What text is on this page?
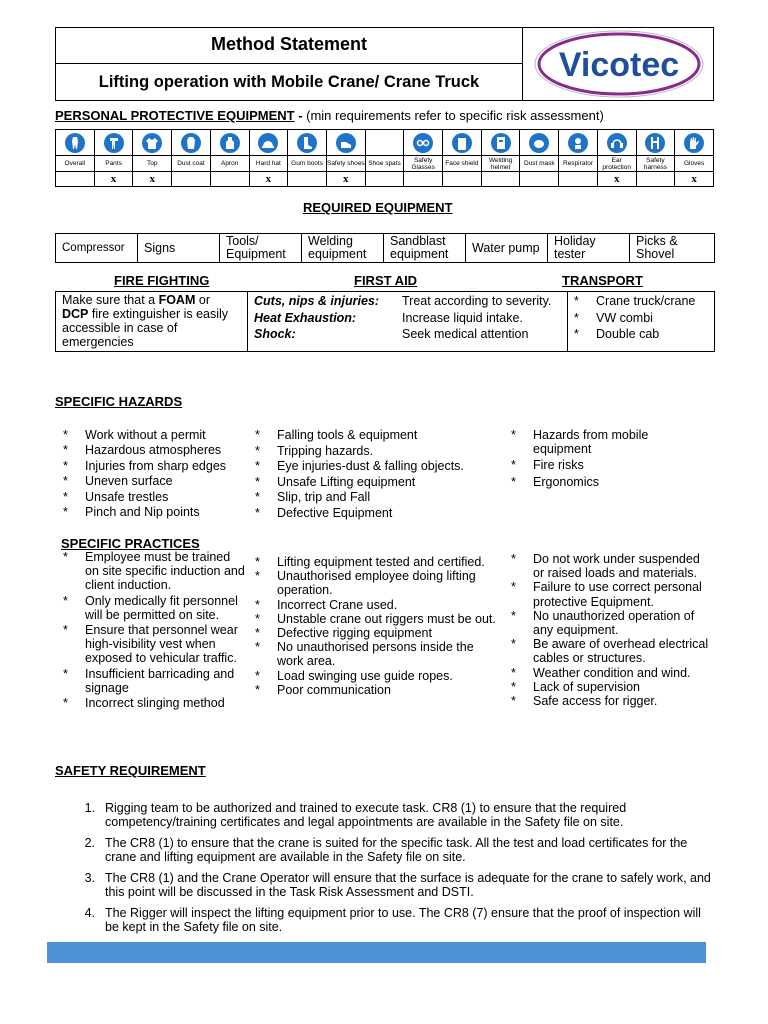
Method Statement
Lifting operation with Mobile Crane/ Crane Truck	Vicotec
PERSONAL PROTECTIVE EQUIPMENT - (min requirements refer to specific risk assessment)

Overall	Pants	Top	Dust coat	Apron	Hard hat	Gum boots	Safety shoes	Shoe spats	Safety Glasses	Face shield	Welding helmet	Dust mask	Respirator	Ear protection	Safety harness	Gloves
	x	x			x		x							x		x
REQUIRED EQUIPMENT
Compressor	Signs	Tools/ Equipment	Welding equipment	Sandblast equipment	Water pump	Holiday tester	Picks & Shovel
FIRE FIGHTING	FIRST AID	TRANSPORT
Make sure that a FOAM or
DCP fire extinguisher is easily accessible in case of emergencies	
Cuts, nips & injuries:	Treat according to severity.
Heat Exhaustion:	Increase liquid intake.
Shock:	Seek medical attention

*	Crane truck/crane
*	VW combi
*	Double cab
SPECIFIC HAZARDS
*	Work without a permit
*	Hazardous atmospheres
*	Injuries from sharp edges
*	Uneven surface
*	Unsafe trestles
*	Pinch and Nip points
*	Falling tools & equipment
*	Tripping hazards.
*	Eye injuries-dust & falling objects.
*	Unsafe Lifting equipment
*	Slip, trip and Fall
*	Defective Equipment
*	Hazards from mobile equipment
*	Fire risks
*	Ergonomics
SPECIFIC PRACTICES
*	Employee must be trained on site specific induction and client induction.
*	Only medically fit personnel will be permitted on site.
*	Ensure that personnel wear high-visibility vest when exposed to vehicular traffic.
*	Insufficient barricading and signage
*	Incorrect slinging method
*	Lifting equipment tested and certified.
*	Unauthorised employee doing lifting operation.
*	Incorrect Crane used.
*	Unstable crane out riggers must be out.
*	Defective rigging equipment
*	No unauthorised persons inside the work area.
*	Load swinging use guide ropes.
*	Poor communication
*	Do not work under suspended or raised loads and materials.
*	Failure to use correct personal protective Equipment.
*	No unauthorized operation of any equipment.
*	Be aware of overhead electrical cables or structures.
*	Weather condition and wind.
*	Lack of supervision
*	Safe access for rigger.
SAFETY REQUIREMENT
1. Rigging team to be authorized and trained to execute task. CR8 (1) to ensure that the required competency/training certificates and legal appointments are available in the Safety file on site.
2. The CR8 (1) to ensure that the crane is suited for the specific task. All the test and load certificates for the crane and lifting equipment are available in the Safety file on site.
3. The CR8 (1) and the Crane Operator will ensure that the surface is adequate for the crane to safely work, and this point will be discussed in the Task Risk Assessment and DSTI.
4. The Rigger will inspect the lifting equipment prior to use. The CR8 (7) ensure that the proof of inspection will be kept in the Safety file on site.
